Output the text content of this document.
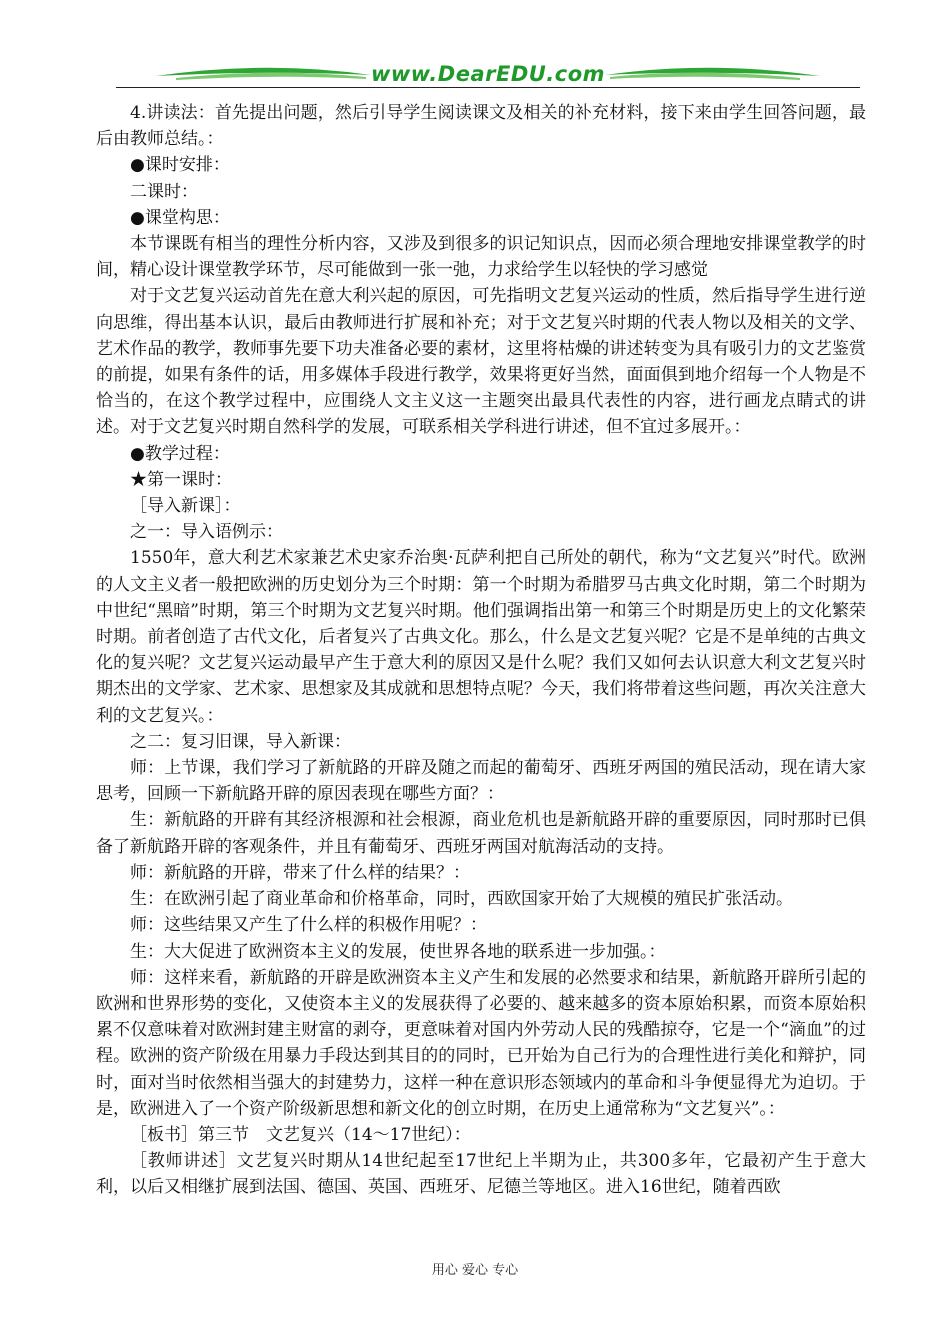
www.DearEDU.com

4.讲读法：首先提出问题，然后引导学生阅读课文及相关的补充材料，接下来由学生回答问题，最后由教师总结。：

●课时安排：

二课时：

●课堂构思：

本节课既有相当的理性分析内容，又涉及到很多的识记知识点，因而必须合理地安排课堂教学的时间，精心设计课堂教学环节，尽可能做到一张一弛，力求给学生以轻快的学习感觉

对于文艺复兴运动首先在意大利兴起的原因，可先指明文艺复兴运动的性质，然后指导学生进行逆向思维，得出基本认识，最后由教师进行扩展和补充；对于文艺复兴时期的代表人物以及相关的文学、艺术作品的教学，教师事先要下功夫准备必要的素材，这里将枯燥的讲述转变为具有吸引力的文艺鉴赏的前提，如果有条件的话，用多媒体手段进行教学，效果将更好当然，面面俱到地介绍每一个人物是不恰当的，在这个教学过程中，应围绕人文主义这一主题突出最具代表性的内容，进行画龙点睛式的讲述。对于文艺复兴时期自然科学的发展，可联系相关学科进行讲述，但不宜过多展开。：

●教学过程：

★第一课时：

［导入新课］：

之一：导入语例示：

1550年，意大利艺术家兼艺术史家乔治奥·瓦萨利把自己所处的朝代，称为“文艺复兴”时代。欧洲的人文主义者一般把欧洲的历史划分为三个时期：第一个时期为希腊罗马古典文化时期，第二个时期为中世纪“黑暗”时期，第三个时期为文艺复兴时期。他们强调指出第一和第三个时期是历史上的文化繁荣时期。前者创造了古代文化，后者复兴了古典文化。那么，什么是文艺复兴呢？它是不是单纯的古典文化的复兴呢？文艺复兴运动最早产生于意大利的原因又是什么呢？我们又如何去认识意大利文艺复兴时期杰出的文学家、艺术家、思想家及其成就和思想特点呢？今天，我们将带着这些问题，再次关注意大利的文艺复兴。：

之二：复习旧课，导入新课：

师：上节课，我们学习了新航路的开辟及随之而起的葡萄牙、西班牙两国的殖民活动，现在请大家思考，回顾一下新航路开辟的原因表现在哪些方面？：

生：新航路的开辟有其经济根源和社会根源，商业危机也是新航路开辟的重要原因，同时那时已俱备了新航路开辟的客观条件，并且有葡萄牙、西班牙两国对航海活动的支持。

师：新航路的开辟，带来了什么样的结果？：

生：在欧洲引起了商业革命和价格革命，同时，西欧国家开始了大规模的殖民扩张活动。

师：这些结果又产生了什么样的积极作用呢？：

生：大大促进了欧洲资本主义的发展，使世界各地的联系进一步加强。：

师：这样来看，新航路的开辟是欧洲资本主义产生和发展的必然要求和结果，新航路开辟所引起的欧洲和世界形势的变化，又使资本主义的发展获得了必要的、越来越多的资本原始积累，而资本原始积累不仅意味着对欧洲封建主财富的剥夺，更意味着对国内外劳动人民的残酷掠夺，它是一个“滴血”的过程。欧洲的资产阶级在用暴力手段达到其目的的同时，已开始为自己行为的合理性进行美化和辩护，同时，面对当时依然相当强大的封建势力，这样一种在意识形态领域内的革命和斗争便显得尤为迫切。于是，欧洲进入了一个资产阶级新思想和新文化的创立时期，在历史上通常称为“文艺复兴”。：

［板书］第三节　文艺复兴（14～17世纪）：

［教师讲述］文艺复兴时期从14世纪起至17世纪上半期为止，共300多年，它最初产生于意大利，以后又相继扩展到法国、德国、英国、西班牙、尼德兰等地区。进入16世纪，随着西欧

用心 爱心 专心
